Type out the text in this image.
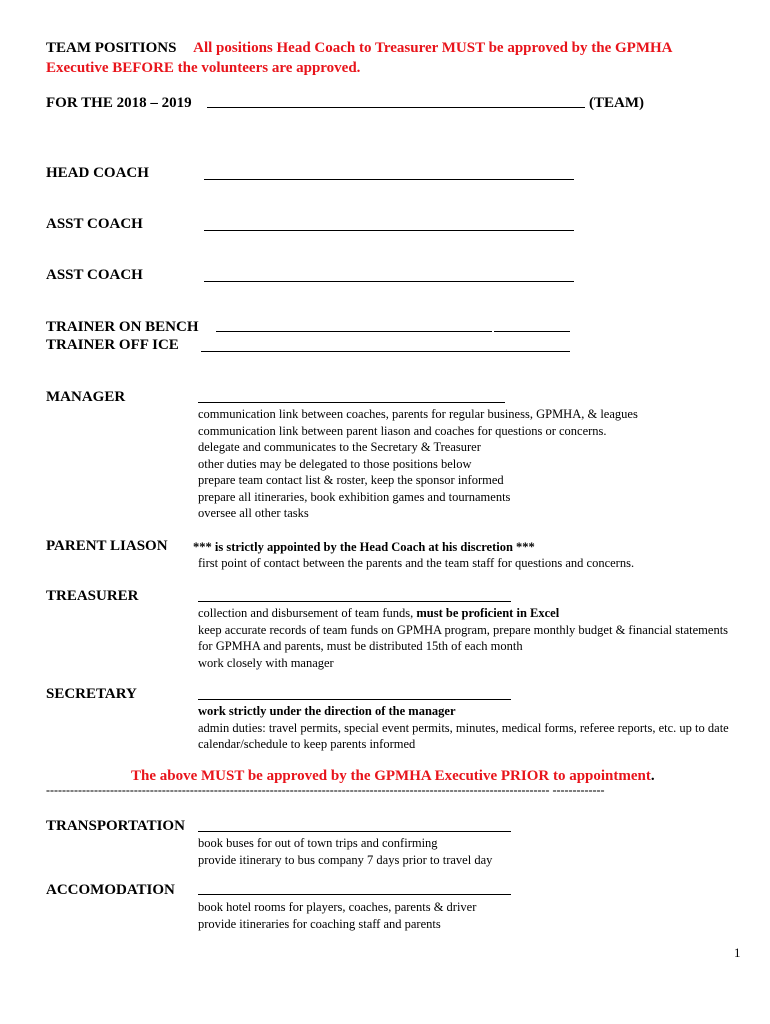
TEAM POSITIONS All positions Head Coach to Treasurer MUST be approved by the GPMHA
Executive BEFORE the volunteers are approved.
FOR THE 2018 – 2019	(TEAM)
HEAD COACH
ASST COACH
ASST COACH
TRAINER ON BENCH
TRAINER OFF ICE
MANAGER
communication link between coaches, parents for regular business, GPMHA, & leagues
communication link between parent liason and coaches for questions or concerns.
delegate and communicates to the Secretary & Treasurer
other duties may be delegated to those positions below
prepare team contact list & roster, keep the sponsor informed
prepare all itineraries, book exhibition games and tournaments
oversee all other tasks
PARENT LIASON *** is strictly appointed by the Head Coach at his discretion ***
first point of contact between the parents and the team staff for questions and concerns.
TREASURER
collection and disbursement of team funds, must be proficient in Excel
keep accurate records of team funds on GPMHA program, prepare monthly budget & financial statements
for GPMHA and parents, must be distributed 15th of each month
work closely with manager
SECRETARY
work strictly under the direction of the manager
admin duties: travel permits, special event permits, minutes, medical forms, referee reports, etc. up to date
calendar/schedule to keep parents informed
The above MUST be approved by the GPMHA Executive PRIOR to appointment.
------------------------------------------------------------------------------------------------------------------------------ -------------
TRANSPORTATION
book buses for out of town trips and confirming
provide itinerary to bus company 7 days prior to travel day
ACCOMODATION
book hotel rooms for players, coaches, parents & driver
provide itineraries for coaching staff and parents
1
